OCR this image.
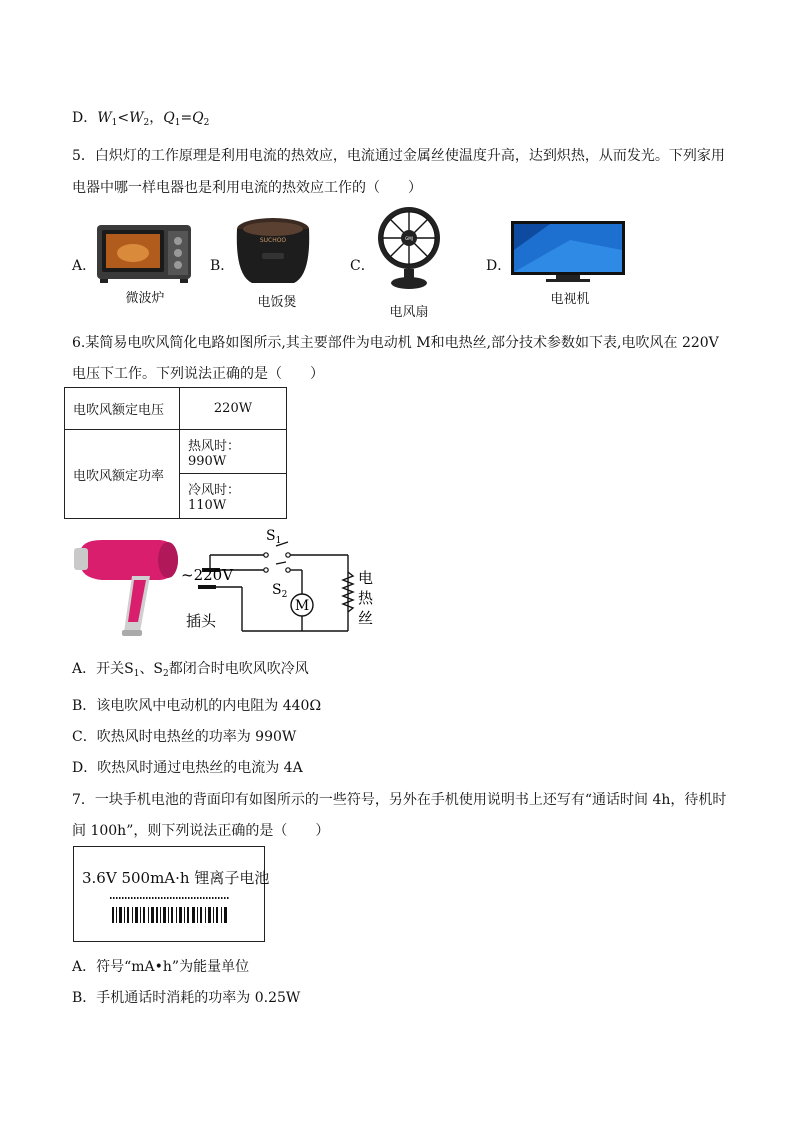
D．$W_1<W_2$，$Q_1=Q_2$
5．白炽灯的工作原理是利用电流的热效应，电流通过金属丝使温度升高，达到炽热，从而发光。下列家用
电器中哪一样电器也是利用电流的热效应工作的（　　）
A．
微波炉
B．
SUCHOO
电饭煲
C．
GMJ
电风扇
D．
电视机
6.某简易电吹风简化电路如图所示,其主要部件为电动机 M和电热丝,部分技术参数如下表,电吹风在 220V
电压下工作。下列说法正确的是（　　）
电吹风额定电压	220W
电吹风额定功率	热风时：990W
	冷风时：110W
M
$S_1$
$S_2$
~220V
插头
电
热
丝
A．开关$S_1$、$S_2$都闭合时电吹风吹冷风
B．该电吹风中电动机的内电阻为 440Ω
C．吹热风时电热丝的功率为 990W
D．吹热风时通过电热丝的电流为 4A
7．一块手机电池的背面印有如图所示的一些符号，另外在手机使用说明书上还写有“通话时间 4h，待机时
间 100h”，则下列说法正确的是（　　）
3.6V 500mA·h 锂离子电池
A．符号“mA•h”为能量单位
B．手机通话时消耗的功率为 0.25W
